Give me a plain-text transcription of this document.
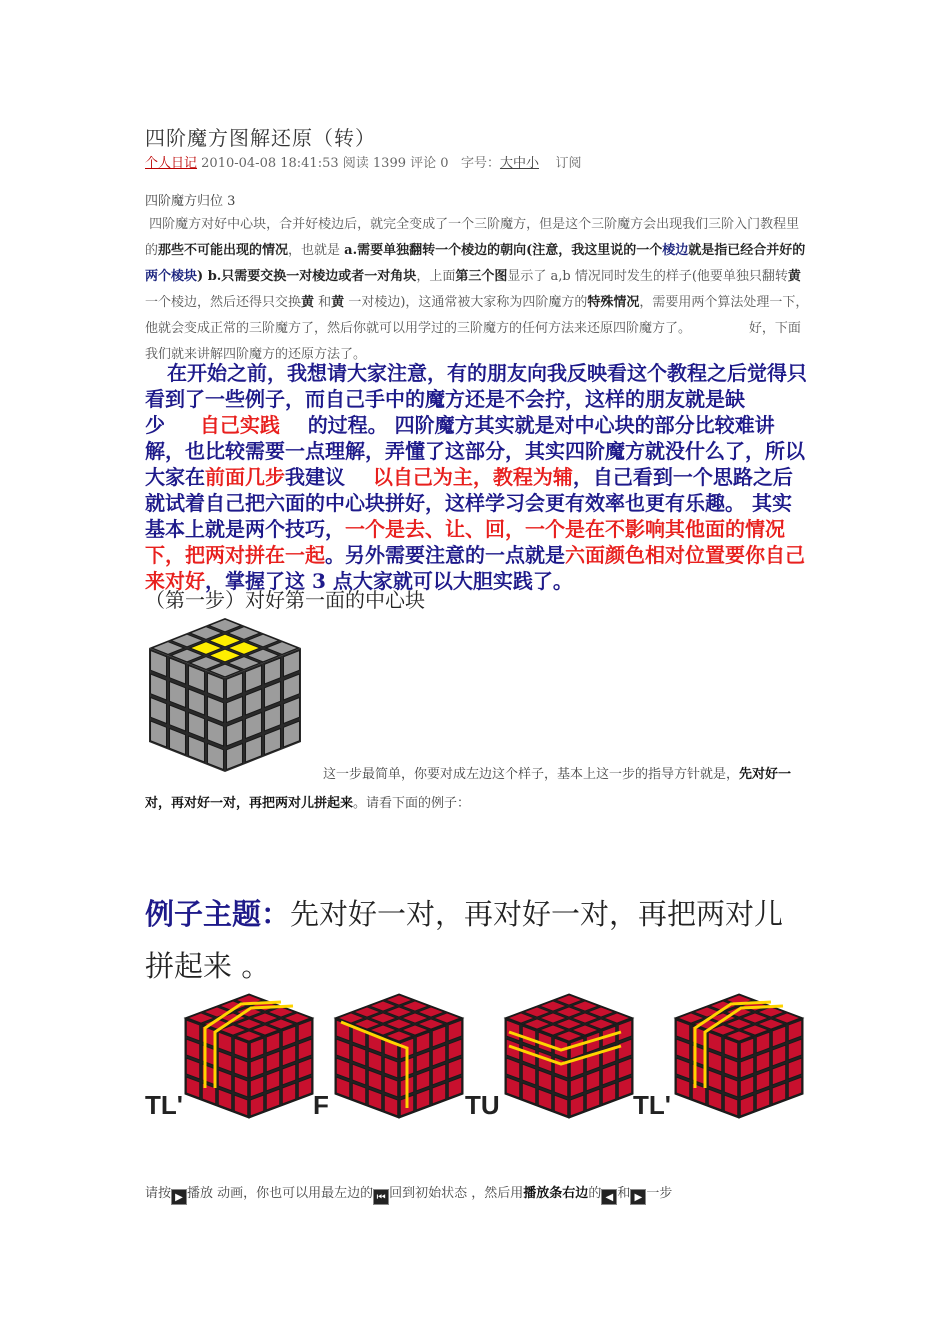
四阶魔方图解还原（转）
个人日记 2010-04-08 18:41:53 阅读 1399 评论 0 字号：大中小 订阅
四阶魔方归位 3
四阶魔方对好中心块，合并好棱边后，就完全变成了一个三阶魔方，但是这个三阶魔方会出现我们三阶入门教程里的那些不可能出现的情况，也就是 a.需要单独翻转一个棱边的朝向(注意，我这里说的一个棱边就是指已经合并好的两个棱块) b.只需要交换一对棱边或者一对角块，上面第三个图显示了 a,b 情况同时发生的样子(他要单独只翻转黄 一个棱边，然后还得只交换黄 和黄 一对棱边)，这通常被大家称为四阶魔方的特殊情况，需要用两个算法处理一下，他就会变成正常的三阶魔方了，然后你就可以用学过的三阶魔方的任何方法来还原四阶魔方了。	好，下面我们就来讲解四阶魔方的还原方法了。
在开始之前，我想请大家注意，有的朋友向我反映看这个教程之后觉得只看到了一些例子，而自己手中的魔方还是不会拧，这样的朋友就是缺少 自己实践 的过程。 四阶魔方其实就是对中心块的部分比较难讲解，也比较需要一点理解，弄懂了这部分，其实四阶魔方就没什么了，所以大家在前面几步我建议 以自己为主，教程为辅，自己看到一个思路之后就试着自己把六面的中心块拼好，这样学习会更有效率也更有乐趣。 其实基本上就是两个技巧，一个是去、让、回，一个是在不影响其他面的情况下，把两对拼在一起。另外需要注意的一点就是六面颜色相对位置要你自己来对好，掌握了这 3 点大家就可以大胆实践了。
（第一步）对好第一面的中心块
这一步最简单，你要对成左边这个样子，基本上这一步的指导方针就是，先对好一对，再对好一对，再把两对儿拼起来。请看下面的例子：
例子主题：先对好一对，再对好一对，再把两对儿拼起来 。
TL'	F	TU	TL'
请按 ▶ 播放 动画，你也可以用最左边的 ⏮ 回到初始状态 ，然后用播放条右边的 ◀ 和 ▶ 一步
